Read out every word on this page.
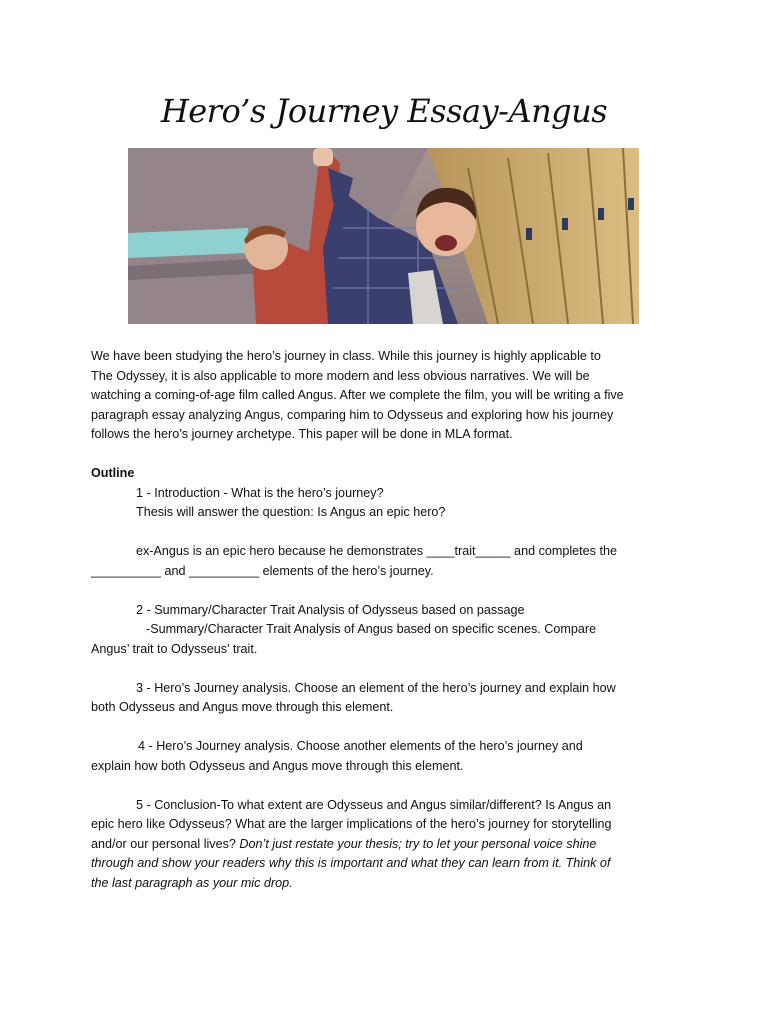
Hero’s Journey Essay-Angus
We have been studying the hero’s journey in class. While this journey is highly applicable to
The Odyssey, it is also applicable to more modern and less obvious narratives. We will be
watching a coming-of-age film called Angus. After we complete the film, you will be writing a five
paragraph essay analyzing Angus, comparing him to Odysseus and exploring how his journey
follows the hero’s journey archetype. This paper will be done in MLA format.
Outline
1 - Introduction - What is the hero’s journey?
Thesis will answer the question: Is Angus an epic hero?
ex-Angus is an epic hero because he demonstrates ____trait_____ and completes the
__________ and __________ elements of the hero’s journey.
2 - Summary/Character Trait Analysis of Odysseus based on passage
-Summary/Character Trait Analysis of Angus based on specific scenes. Compare
Angus’ trait to Odysseus’ trait.
3 - Hero’s Journey analysis. Choose an element of the hero’s journey and explain how
both Odysseus and Angus move through this element.
4 - Hero’s Journey analysis. Choose another elements of the hero’s journey and
explain how both Odysseus and Angus move through this element.
5 - Conclusion-To what extent are Odysseus and Angus similar/different? Is Angus an
epic hero like Odysseus? What are the larger implications of the hero’s journey for storytelling
and/or our personal lives? Don’t just restate your thesis; try to let your personal voice shine
through and show your readers why this is important and what they can learn from it. Think of
the last paragraph as your mic drop.
